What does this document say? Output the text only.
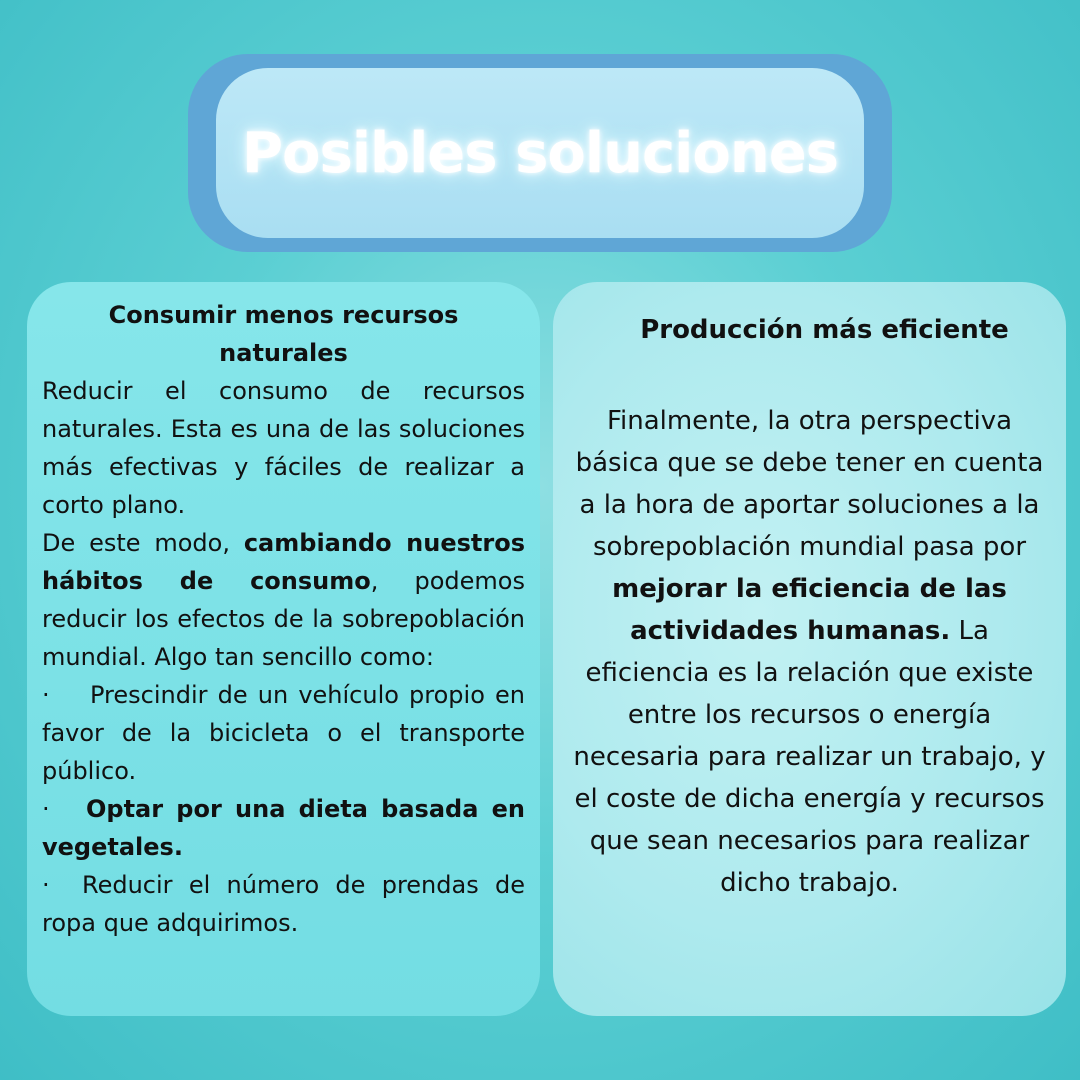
Posibles soluciones
Consumir menos recursos naturales

Reducir el consumo de recursos naturales. Esta es una de las soluciones más efectivas y fáciles de realizar a corto plano.

De este modo, cambiando nuestros hábitos de consumo, podemos reducir los efectos de la sobrepoblación mundial. Algo tan sencillo como:

· Prescindir de un vehículo propio en favor de la bicicleta o el transporte público.

· Optar por una dieta basada en vegetales.

· Reducir el número de prendas de ropa que adquirimos.

Producción más eficiente

Finalmente, la otra perspectiva básica que se debe tener en cuenta a la hora de aportar soluciones a la sobrepoblación mundial pasa por mejorar la eficiencia de las actividades humanas. La eficiencia es la relación que existe entre los recursos o energía necesaria para realizar un trabajo, y el coste de dicha energía y recursos que sean necesarios para realizar dicho trabajo.
